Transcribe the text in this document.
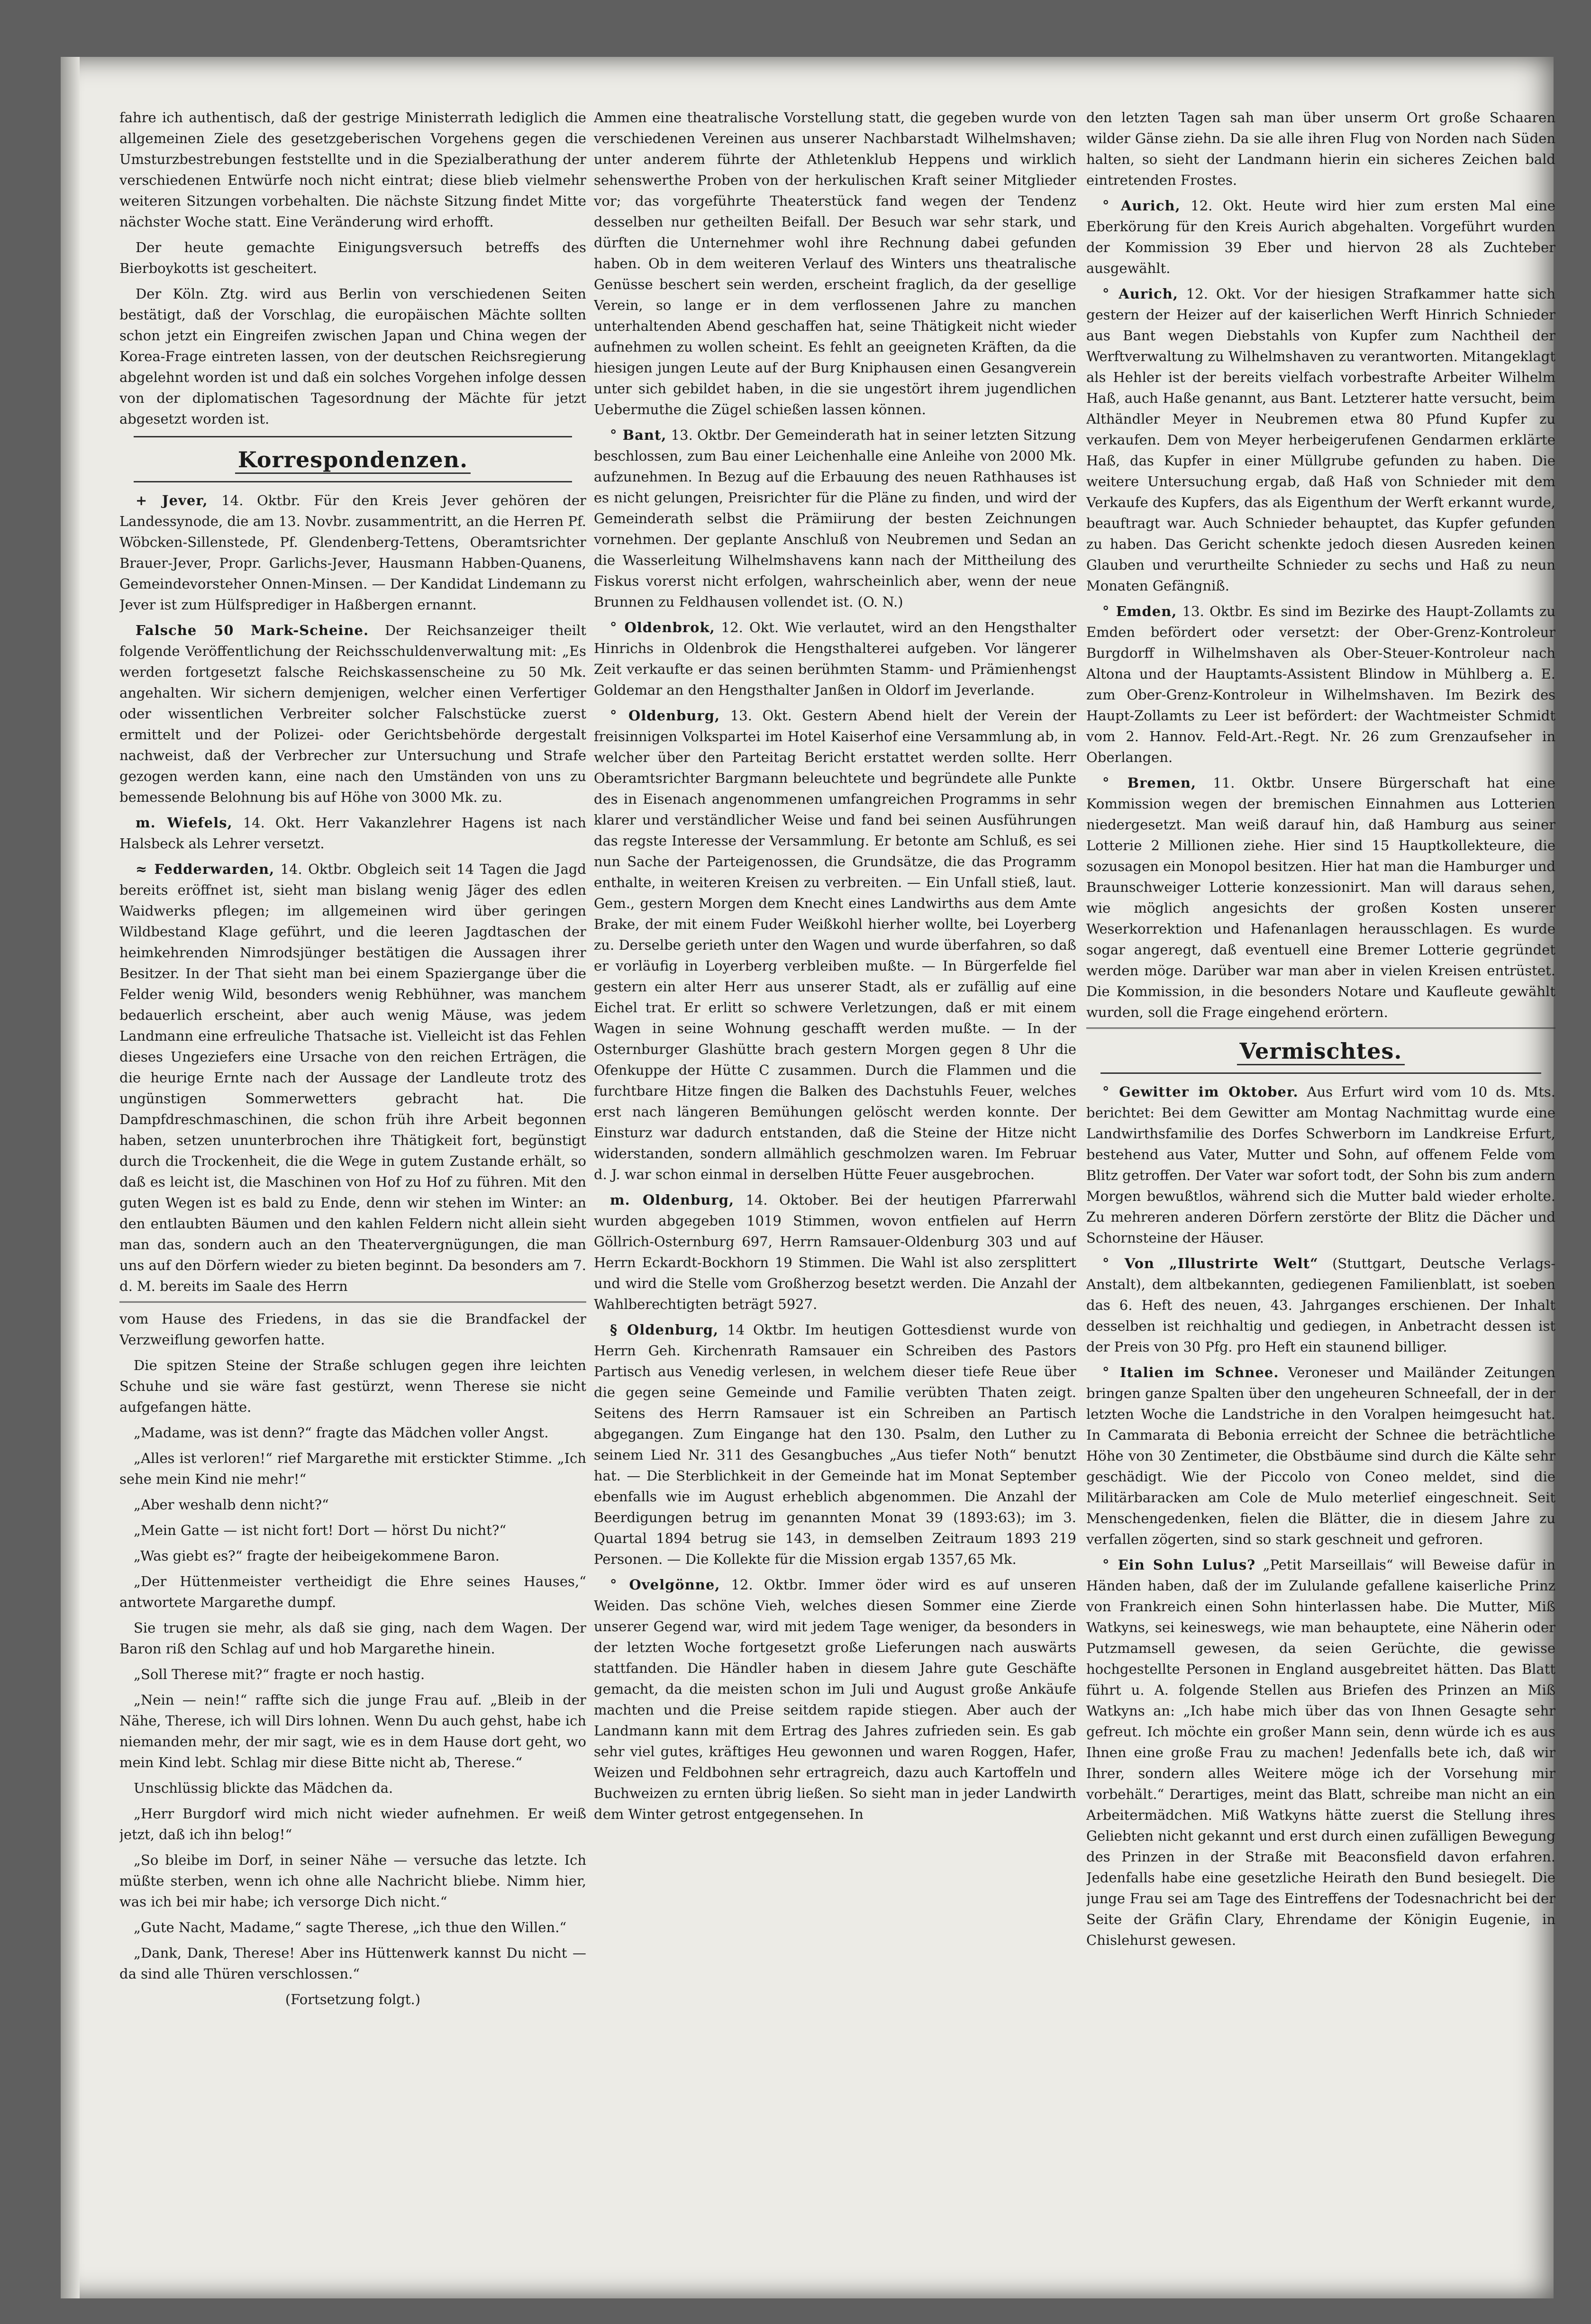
fahre ich authentisch, daß der gestrige Ministerrath lediglich die allgemeinen Ziele des gesetzgeberischen Vorgehens gegen die Umsturzbestrebungen feststellte und in die Spezialberathung der verschiedenen Entwürfe noch nicht eintrat; diese blieb vielmehr weiteren Sitzungen vorbehalten. Die nächste Sitzung findet Mitte nächster Woche statt. Eine Veränderung wird erhofft.

Der heute gemachte Einigungsversuch betreffs des Bierboykotts ist gescheitert.

Der Köln. Ztg. wird aus Berlin von verschiedenen Seiten bestätigt, daß der Vorschlag, die europäischen Mächte sollten schon jetzt ein Eingreifen zwischen Japan und China wegen der Korea-Frage eintreten lassen, von der deutschen Reichsregierung abgelehnt worden ist und daß ein solches Vorgehen infolge dessen von der diplomatischen Tagesordnung der Mächte für jetzt abgesetzt worden ist.

Korrespondenzen.

+ Jever, 14. Oktbr. Für den Kreis Jever gehören der Landessynode, die am 13. Novbr. zusammentritt, an die Herren Pf. Wöbcken-Sillenstede, Pf. Glendenberg-Tettens, Oberamtsrichter Brauer-Jever, Propr. Garlichs-Jever, Hausmann Habben-Quanens, Gemeindevorsteher Onnen-Minsen. — Der Kandidat Lindemann zu Jever ist zum Hülfsprediger in Haßbergen ernannt.

Falsche 50 Mark-Scheine. Der Reichsanzeiger theilt folgende Veröffentlichung der Reichsschuldenverwaltung mit: „Es werden fortgesetzt falsche Reichskassenscheine zu 50 Mk. angehalten. Wir sichern demjenigen, welcher einen Verfertiger oder wissentlichen Verbreiter solcher Falschstücke zuerst ermittelt und der Polizei- oder Gerichtsbehörde dergestalt nachweist, daß der Verbrecher zur Untersuchung und Strafe gezogen werden kann, eine nach den Umständen von uns zu bemessende Belohnung bis auf Höhe von 3000 Mk. zu.

m. Wiefels, 14. Okt. Herr Vakanzlehrer Hagens ist nach Halsbeck als Lehrer versetzt.

≈ Fedderwarden, 14. Oktbr. Obgleich seit 14 Tagen die Jagd bereits eröffnet ist, sieht man bislang wenig Jäger des edlen Waidwerks pflegen; im allgemeinen wird über geringen Wildbestand Klage geführt, und die leeren Jagdtaschen der heimkehrenden Nimrodsjünger bestätigen die Aussagen ihrer Besitzer. In der That sieht man bei einem Spaziergange über die Felder wenig Wild, besonders wenig Rebhühner, was manchem bedauerlich erscheint, aber auch wenig Mäuse, was jedem Landmann eine erfreuliche Thatsache ist. Vielleicht ist das Fehlen dieses Ungeziefers eine Ursache von den reichen Erträgen, die die heurige Ernte nach der Aussage der Landleute trotz des ungünstigen Sommerwetters gebracht hat. Die Dampfdreschmaschinen, die schon früh ihre Arbeit begonnen haben, setzen ununterbrochen ihre Thätigkeit fort, begünstigt durch die Trockenheit, die die Wege in gutem Zustande erhält, so daß es leicht ist, die Maschinen von Hof zu Hof zu führen. Mit den guten Wegen ist es bald zu Ende, denn wir stehen im Winter: an den entlaubten Bäumen und den kahlen Feldern nicht allein sieht man das, sondern auch an den Theatervergnügungen, die man uns auf den Dörfern wieder zu bieten beginnt. Da besonders am 7. d. M. bereits im Saale des Herrn

vom Hause des Friedens, in das sie die Brandfackel der Verzweiflung geworfen hatte.

Die spitzen Steine der Straße schlugen gegen ihre leichten Schuhe und sie wäre fast gestürzt, wenn Therese sie nicht aufgefangen hätte.

„Madame, was ist denn?“ fragte das Mädchen voller Angst.

„Alles ist verloren!“ rief Margarethe mit erstickter Stimme. „Ich sehe mein Kind nie mehr!“

„Aber weshalb denn nicht?“

„Mein Gatte — ist nicht fort! Dort — hörst Du nicht?“

„Was giebt es?“ fragte der heibeigekommene Baron.

„Der Hüttenmeister vertheidigt die Ehre seines Hauses,“ antwortete Margarethe dumpf.

Sie trugen sie mehr, als daß sie ging, nach dem Wagen. Der Baron riß den Schlag auf und hob Margarethe hinein.

„Soll Therese mit?“ fragte er noch hastig.

„Nein — nein!“ raffte sich die junge Frau auf. „Bleib in der Nähe, Therese, ich will Dirs lohnen. Wenn Du auch gehst, habe ich niemanden mehr, der mir sagt, wie es in dem Hause dort geht, wo mein Kind lebt. Schlag mir diese Bitte nicht ab, Therese.“

Unschlüssig blickte das Mädchen da.

„Herr Burgdorf wird mich nicht wieder aufnehmen. Er weiß jetzt, daß ich ihn belog!“

„So bleibe im Dorf, in seiner Nähe — versuche das letzte. Ich müßte sterben, wenn ich ohne alle Nachricht bliebe. Nimm hier, was ich bei mir habe; ich versorge Dich nicht.“

„Gute Nacht, Madame,“ sagte Therese, „ich thue den Willen.“

„Dank, Dank, Therese! Aber ins Hüttenwerk kannst Du nicht — da sind alle Thüren verschlossen.“

(Fortsetzung folgt.)

Ammen eine theatralische Vorstellung statt, die gegeben wurde von verschiedenen Vereinen aus unserer Nachbarstadt Wilhelmshaven; unter anderem führte der Athletenklub Heppens und wirklich sehenswerthe Proben von der herkulischen Kraft seiner Mitglieder vor; das vorgeführte Theaterstück fand wegen der Tendenz desselben nur getheilten Beifall. Der Besuch war sehr stark, und dürften die Unternehmer wohl ihre Rechnung dabei gefunden haben. Ob in dem weiteren Verlauf des Winters uns theatralische Genüsse beschert sein werden, erscheint fraglich, da der gesellige Verein, so lange er in dem verflossenen Jahre zu manchen unterhaltenden Abend geschaffen hat, seine Thätigkeit nicht wieder aufnehmen zu wollen scheint. Es fehlt an geeigneten Kräften, da die hiesigen jungen Leute auf der Burg Kniphausen einen Gesangverein unter sich gebildet haben, in die sie ungestört ihrem jugendlichen Uebermuthe die Zügel schießen lassen können.

° Bant, 13. Oktbr. Der Gemeinderath hat in seiner letzten Sitzung beschlossen, zum Bau einer Leichenhalle eine Anleihe von 2000 Mk. aufzunehmen. In Bezug auf die Erbauung des neuen Rathhauses ist es nicht gelungen, Preisrichter für die Pläne zu finden, und wird der Gemeinderath selbst die Prämiirung der besten Zeichnungen vornehmen. Der geplante Anschluß von Neubremen und Sedan an die Wasserleitung Wilhelmshavens kann nach der Mittheilung des Fiskus vorerst nicht erfolgen, wahrscheinlich aber, wenn der neue Brunnen zu Feldhausen vollendet ist. (O. N.)

° Oldenbrok, 12. Okt. Wie verlautet, wird an den Hengsthalter Hinrichs in Oldenbrok die Hengsthalterei aufgeben. Vor längerer Zeit verkaufte er das seinen berühmten Stamm- und Prämienhengst Goldemar an den Hengsthalter Janßen in Oldorf im Jeverlande.

° Oldenburg, 13. Okt. Gestern Abend hielt der Verein der freisinnigen Volkspartei im Hotel Kaiserhof eine Versammlung ab, in welcher über den Parteitag Bericht erstattet werden sollte. Herr Oberamtsrichter Bargmann beleuchtete und begründete alle Punkte des in Eisenach angenommenen umfangreichen Programms in sehr klarer und verständlicher Weise und fand bei seinen Ausführungen das regste Interesse der Versammlung. Er betonte am Schluß, es sei nun Sache der Parteigenossen, die Grundsätze, die das Programm enthalte, in weiteren Kreisen zu verbreiten. — Ein Unfall stieß, laut. Gem., gestern Morgen dem Knecht eines Landwirths aus dem Amte Brake, der mit einem Fuder Weißkohl hierher wollte, bei Loyerberg zu. Derselbe gerieth unter den Wagen und wurde überfahren, so daß er vorläufig in Loyerberg verbleiben mußte. — In Bürgerfelde fiel gestern ein alter Herr aus unserer Stadt, als er zufällig auf eine Eichel trat. Er erlitt so schwere Verletzungen, daß er mit einem Wagen in seine Wohnung geschafft werden mußte. — In der Osternburger Glashütte brach gestern Morgen gegen 8 Uhr die Ofenkuppe der Hütte C zusammen. Durch die Flammen und die furchtbare Hitze fingen die Balken des Dachstuhls Feuer, welches erst nach längeren Bemühungen gelöscht werden konnte. Der Einsturz war dadurch entstanden, daß die Steine der Hitze nicht widerstanden, sondern allmählich geschmolzen waren. Im Februar d. J. war schon einmal in derselben Hütte Feuer ausgebrochen.

m. Oldenburg, 14. Oktober. Bei der heutigen Pfarrerwahl wurden abgegeben 1019 Stimmen, wovon entfielen auf Herrn Göllrich-Osternburg 697, Herrn Ramsauer-Oldenburg 303 und auf Herrn Eckardt-Bockhorn 19 Stimmen. Die Wahl ist also zersplittert und wird die Stelle vom Großherzog besetzt werden. Die Anzahl der Wahlberechtigten beträgt 5927.

§ Oldenburg, 14 Oktbr. Im heutigen Gottesdienst wurde von Herrn Geh. Kirchenrath Ramsauer ein Schreiben des Pastors Partisch aus Venedig verlesen, in welchem dieser tiefe Reue über die gegen seine Gemeinde und Familie verübten Thaten zeigt. Seitens des Herrn Ramsauer ist ein Schreiben an Partisch abgegangen. Zum Eingange hat den 130. Psalm, den Luther zu seinem Lied Nr. 311 des Gesangbuches „Aus tiefer Noth“ benutzt hat. — Die Sterblichkeit in der Gemeinde hat im Monat September ebenfalls wie im August erheblich abgenommen. Die Anzahl der Beerdigungen betrug im genannten Monat 39 (1893:63); im 3. Quartal 1894 betrug sie 143, in demselben Zeitraum 1893 219 Personen. — Die Kollekte für die Mission ergab 1357,65 Mk.

° Ovelgönne, 12. Oktbr. Immer öder wird es auf unseren Weiden. Das schöne Vieh, welches diesen Sommer eine Zierde unserer Gegend war, wird mit jedem Tage weniger, da besonders in der letzten Woche fortgesetzt große Lieferungen nach auswärts stattfanden. Die Händler haben in diesem Jahre gute Geschäfte gemacht, da die meisten schon im Juli und August große Ankäufe machten und die Preise seitdem rapide stiegen. Aber auch der Landmann kann mit dem Ertrag des Jahres zufrieden sein. Es gab sehr viel gutes, kräftiges Heu gewonnen und waren Roggen, Hafer, Weizen und Feldbohnen sehr ertragreich, dazu auch Kartoffeln und Buchweizen zu ernten übrig ließen. So sieht man in jeder Landwirth dem Winter getrost entgegensehen. In

den letzten Tagen sah man über unserm Ort große Schaaren wilder Gänse ziehn. Da sie alle ihren Flug von Norden nach Süden halten, so sieht der Landmann hierin ein sicheres Zeichen bald eintretenden Frostes.

° Aurich, 12. Okt. Heute wird hier zum ersten Mal eine Eberkörung für den Kreis Aurich abgehalten. Vorgeführt wurden der Kommission 39 Eber und hiervon 28 als Zuchteber ausgewählt.

° Aurich, 12. Okt. Vor der hiesigen Strafkammer hatte sich gestern der Heizer auf der kaiserlichen Werft Hinrich Schnieder aus Bant wegen Diebstahls von Kupfer zum Nachtheil der Werftverwaltung zu Wilhelmshaven zu verantworten. Mitangeklagt als Hehler ist der bereits vielfach vorbestrafte Arbeiter Wilhelm Haß, auch Haße genannt, aus Bant. Letzterer hatte versucht, beim Althändler Meyer in Neubremen etwa 80 Pfund Kupfer zu verkaufen. Dem von Meyer herbeigerufenen Gendarmen erklärte Haß, das Kupfer in einer Müllgrube gefunden zu haben. Die weitere Untersuchung ergab, daß Haß von Schnieder mit dem Verkaufe des Kupfers, das als Eigenthum der Werft erkannt wurde, beauftragt war. Auch Schnieder behauptet, das Kupfer gefunden zu haben. Das Gericht schenkte jedoch diesen Ausreden keinen Glauben und verurtheilte Schnieder zu sechs und Haß zu neun Monaten Gefängniß.

° Emden, 13. Oktbr. Es sind im Bezirke des Haupt-Zollamts zu Emden befördert oder versetzt: der Ober-Grenz-Kontroleur Burgdorff in Wilhelmshaven als Ober-Steuer-Kontroleur nach Altona und der Hauptamts-Assistent Blindow in Mühlberg a. E. zum Ober-Grenz-Kontroleur in Wilhelmshaven. Im Bezirk des Haupt-Zollamts zu Leer ist befördert: der Wachtmeister Schmidt vom 2. Hannov. Feld-Art.-Regt. Nr. 26 zum Grenzaufseher in Oberlangen.

° Bremen, 11. Oktbr. Unsere Bürgerschaft hat eine Kommission wegen der bremischen Einnahmen aus Lotterien niedergesetzt. Man weiß darauf hin, daß Hamburg aus seiner Lotterie 2 Millionen ziehe. Hier sind 15 Hauptkollekteure, die sozusagen ein Monopol besitzen. Hier hat man die Hamburger und Braunschweiger Lotterie konzessionirt. Man will daraus sehen, wie möglich angesichts der großen Kosten unserer Weserkorrektion und Hafenanlagen herausschlagen. Es wurde sogar angeregt, daß eventuell eine Bremer Lotterie gegründet werden möge. Darüber war man aber in vielen Kreisen entrüstet. Die Kommission, in die besonders Notare und Kaufleute gewählt wurden, soll die Frage eingehend erörtern.

Vermischtes.

° Gewitter im Oktober. Aus Erfurt wird vom 10 ds. Mts. berichtet: Bei dem Gewitter am Montag Nachmittag wurde eine Landwirthsfamilie des Dorfes Schwerborn im Landkreise Erfurt, bestehend aus Vater, Mutter und Sohn, auf offenem Felde vom Blitz getroffen. Der Vater war sofort todt, der Sohn bis zum andern Morgen bewußtlos, während sich die Mutter bald wieder erholte. Zu mehreren anderen Dörfern zerstörte der Blitz die Dächer und Schornsteine der Häuser.

° Von „Illustrirte Welt“ (Stuttgart, Deutsche Verlags-Anstalt), dem altbekannten, gediegenen Familienblatt, ist soeben das 6. Heft des neuen, 43. Jahrganges erschienen. Der Inhalt desselben ist reichhaltig und gediegen, in Anbetracht dessen ist der Preis von 30 Pfg. pro Heft ein staunend billiger.

° Italien im Schnee. Veroneser und Mailänder Zeitungen bringen ganze Spalten über den ungeheuren Schneefall, der in der letzten Woche die Landstriche in den Voralpen heimgesucht hat. In Cammarata di Bebonia erreicht der Schnee die beträchtliche Höhe von 30 Zentimeter, die Obstbäume sind durch die Kälte sehr geschädigt. Wie der Piccolo von Coneo meldet, sind die Militärbaracken am Cole de Mulo meterlief eingeschneit. Seit Menschengedenken, fielen die Blätter, die in diesem Jahre zu verfallen zögerten, sind so stark geschneit und gefroren.

° Ein Sohn Lulus? „Petit Marseillais“ will Beweise dafür in Händen haben, daß der im Zululande gefallene kaiserliche Prinz von Frankreich einen Sohn hinterlassen habe. Die Mutter, Miß Watkyns, sei keineswegs, wie man behauptete, eine Näherin oder Putzmamsell gewesen, da seien Gerüchte, die gewisse hochgestellte Personen in England ausgebreitet hätten. Das Blatt führt u. A. folgende Stellen aus Briefen des Prinzen an Miß Watkyns an: „Ich habe mich über das von Ihnen Gesagte sehr gefreut. Ich möchte ein großer Mann sein, denn würde ich es aus Ihnen eine große Frau zu machen! Jedenfalls bete ich, daß wir Ihrer, sondern alles Weitere möge ich der Vorsehung mir vorbehält.“ Derartiges, meint das Blatt, schreibe man nicht an ein Arbeitermädchen. Miß Watkyns hätte zuerst die Stellung ihres Geliebten nicht gekannt und erst durch einen zufälligen Bewegung des Prinzen in der Straße mit Beaconsfield davon erfahren. Jedenfalls habe eine gesetzliche Heirath den Bund besiegelt. Die junge Frau sei am Tage des Eintreffens der Todesnachricht bei der Seite der Gräfin Clary, Ehrendame der Königin Eugenie, in Chislehurst gewesen.
